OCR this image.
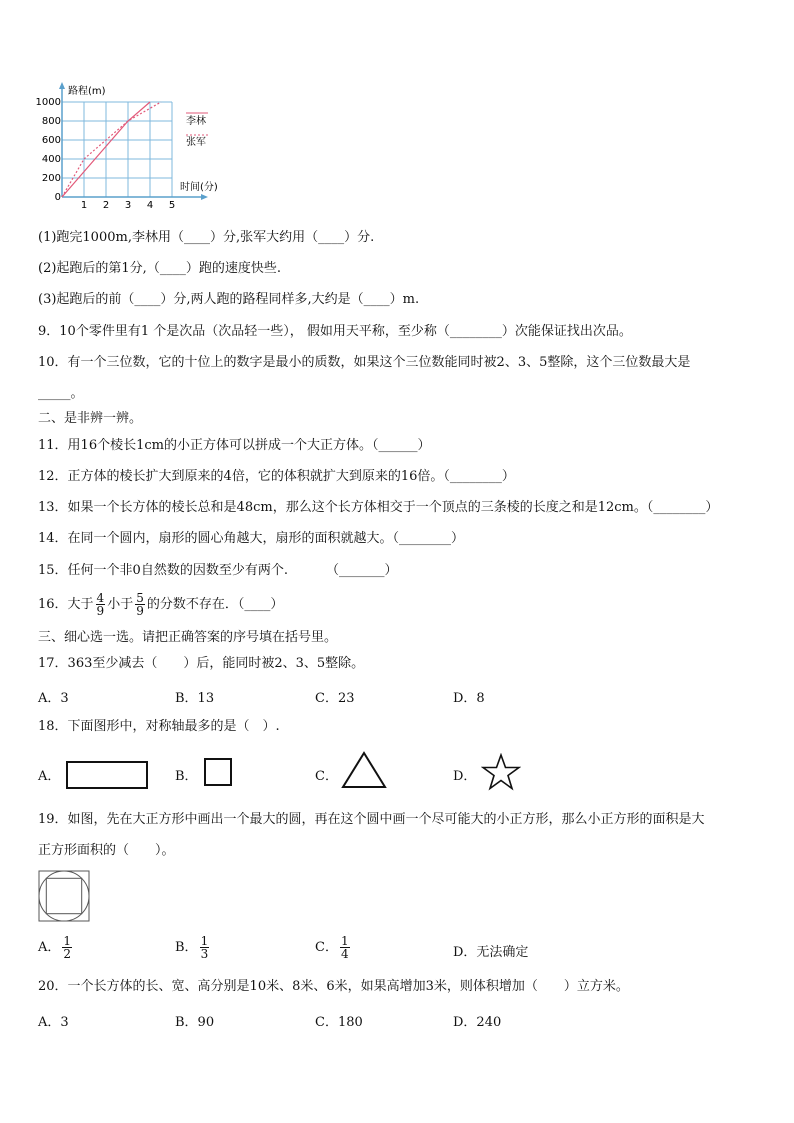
路程(m)
时间(分)
1000
800
600
400
200
0
1 2 3 4 5
李林
张军
(1)跑完1000m,李林用（____）分,张军大约用（____）分.
(2)起跑后的第1分,（____）跑的速度快些.
(3)起跑后的前（____）分,两人跑的路程同样多,大约是（____）m.
9．10个零件里有1 个是次品（次品轻一些）， 假如用天平称，至少称（________）次能保证找出次品。
10．有一个三位数，它的十位上的数字是最小的质数，如果这个三位数能同时被2、3、5整除，这个三位数最大是
_____。
二、是非辨一辨。
11．用16个棱长1cm的小正方体可以拼成一个大正方体。（______）
12．正方体的棱长扩大到原来的4倍，它的体积就扩大到原来的16倍。（________）
13．如果一个长方体的棱长总和是48cm，那么这个长方体相交于一个顶点的三条棱的长度之和是12cm。（________）
14．在同一个圆内，扇形的圆心角越大，扇形的面积就越大。（________）
15．任何一个非0自然数的因数至少有两个.	（_______）
16．大于 $\frac{4}{9}$ 小于 $\frac{5}{9}$ 的分数不存在．（____）
三、细心选一选。请把正确答案的序号填在括号里。
17．363至少减去（　　）后，能同时被2、3、5整除。
A．3	B．13	C．23	D．8
18．下面图形中，对称轴最多的是（　）.
A．	B．	C．	D．
19．如图，先在大正方形中画出一个最大的圆，再在这个圆中画一个尽可能大的小正方形，那么小正方形的面积是大
正方形面积的（　　）。
A． $\frac{1}{2}$	B． $\frac{1}{3}$	C． $\frac{1}{4}$	D．无法确定
20．一个长方体的长、宽、高分别是10米、8米、6米，如果高增加3米，则体积增加（　　）立方米。
A．3	B．90	C．180	D．240
